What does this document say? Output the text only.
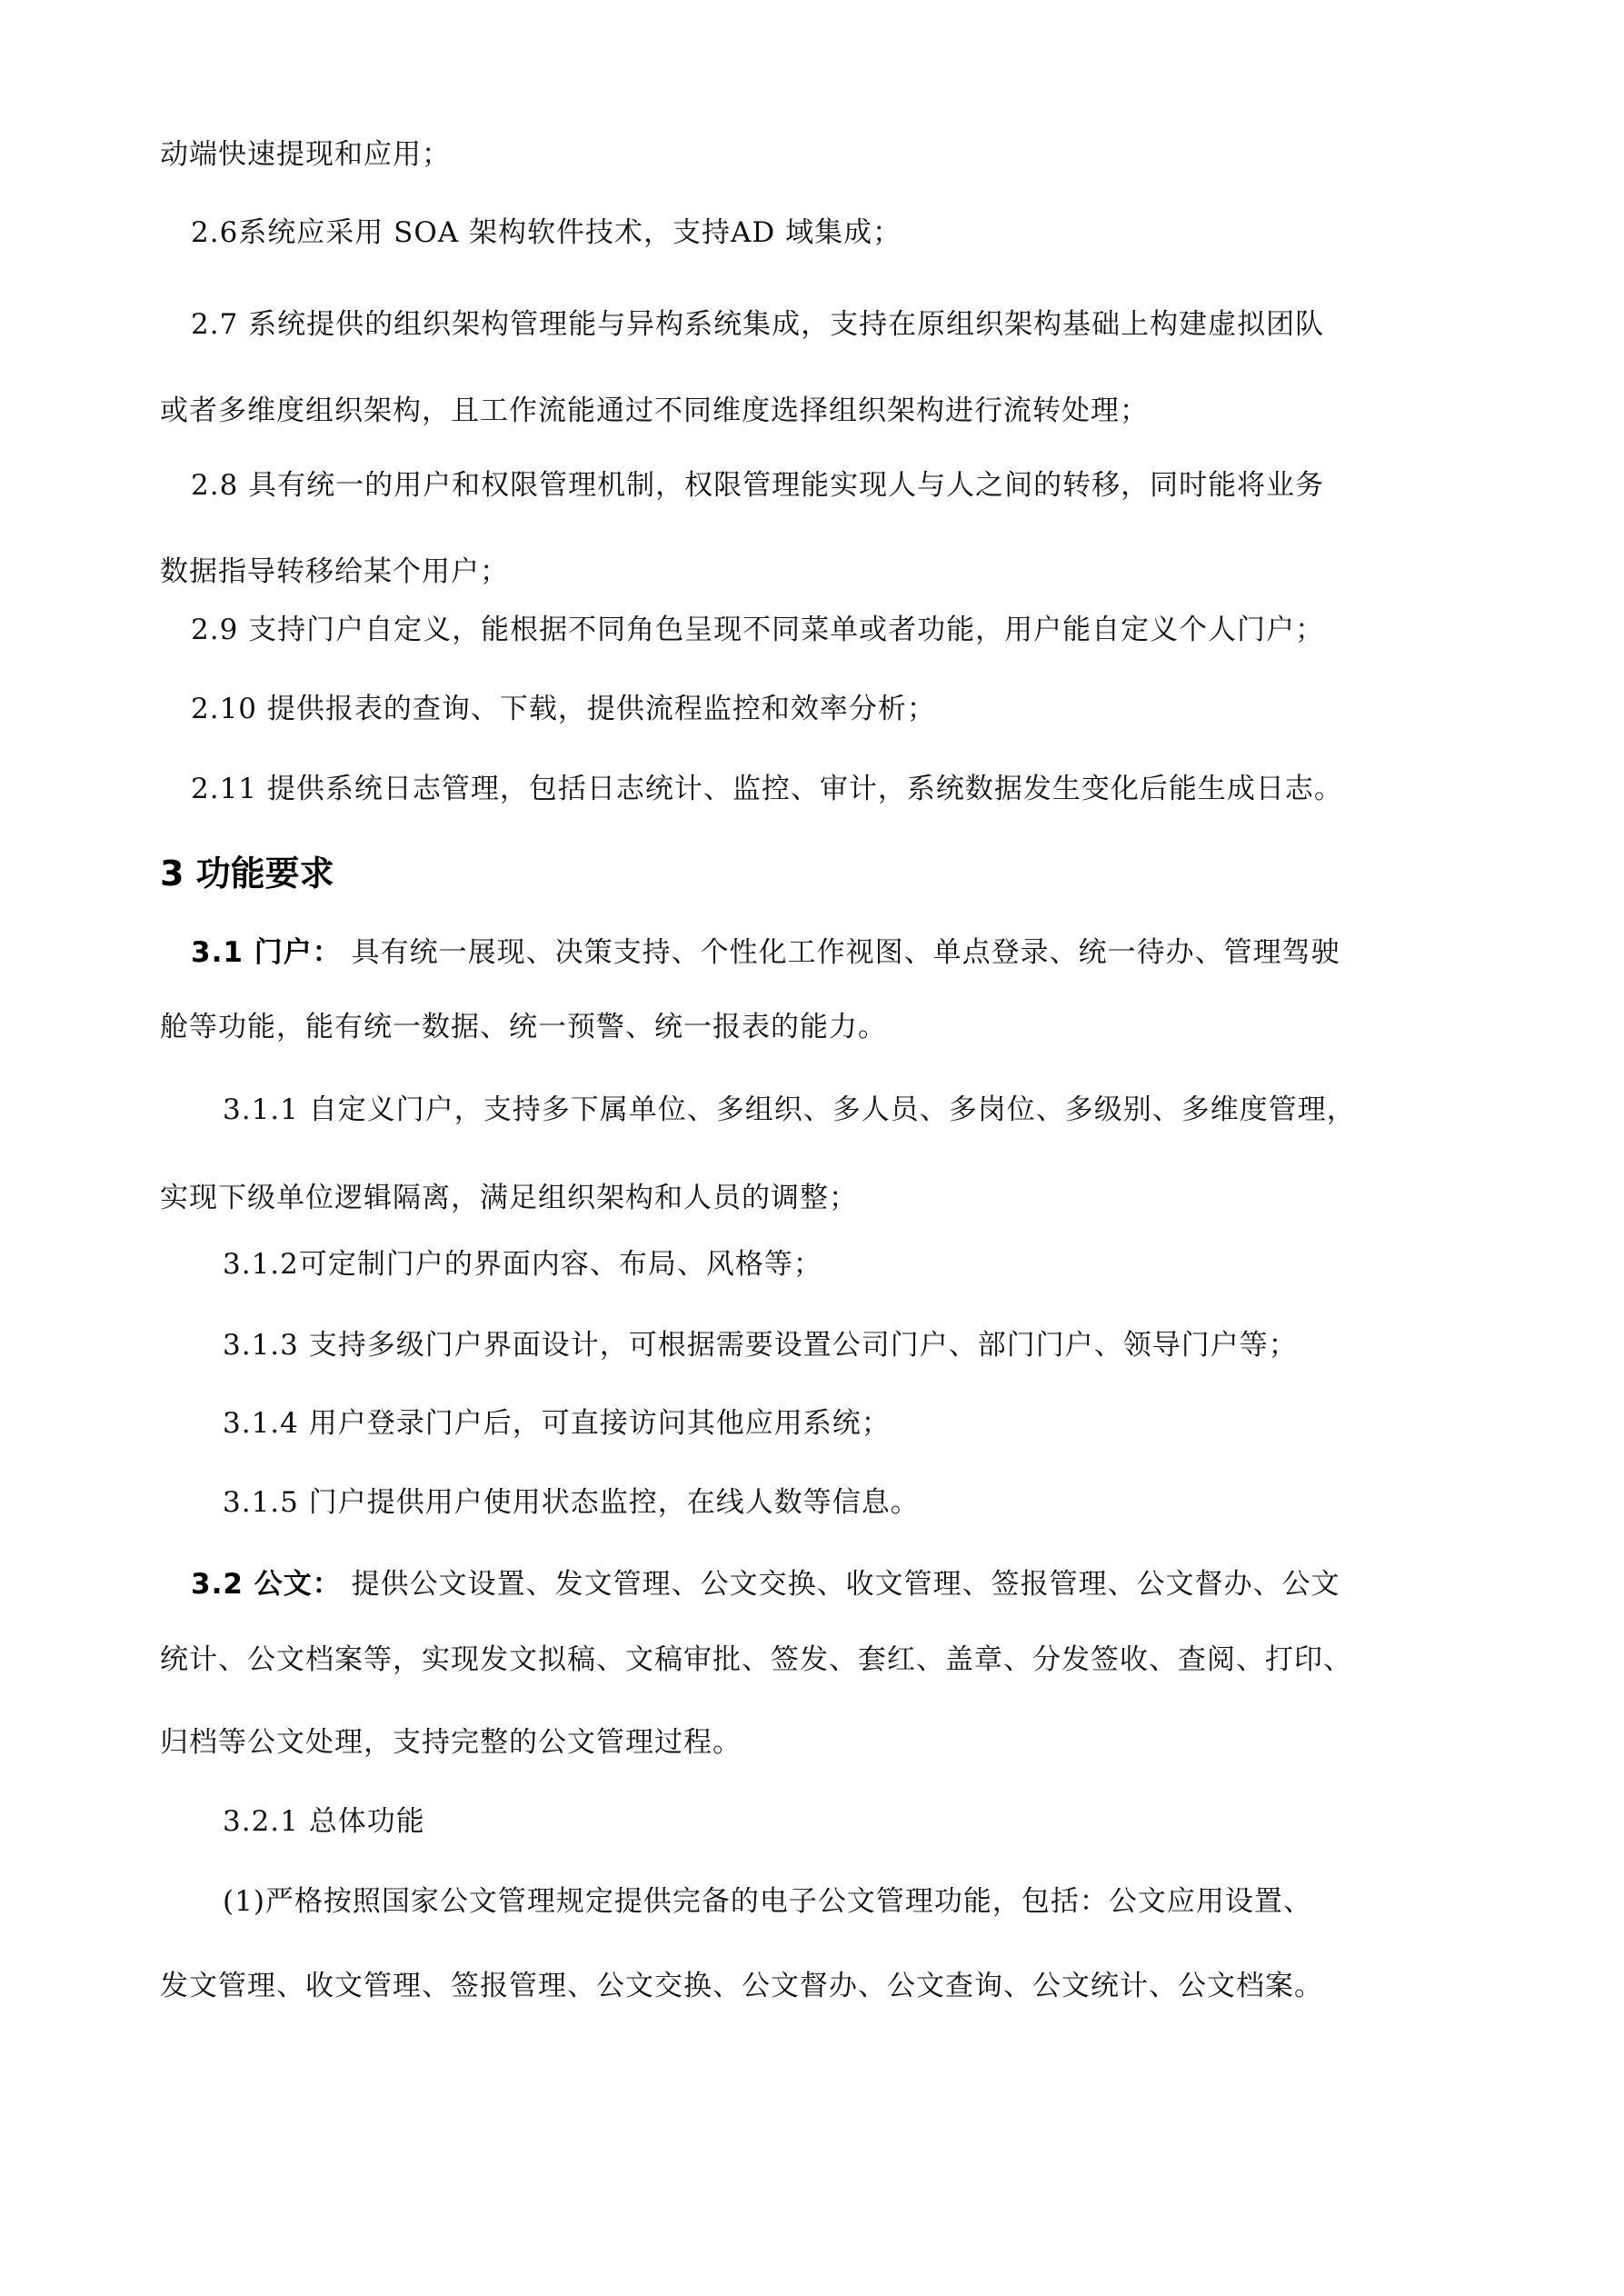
动端快速提现和应用；
2.6系统应采用 SOA 架构软件技术，支持AD 域集成；
2.7 系统提供的组织架构管理能与异构系统集成，支持在原组织架构基础上构建虚拟团队
或者多维度组织架构，且工作流能通过不同维度选择组织架构进行流转处理；
2.8 具有统一的用户和权限管理机制，权限管理能实现人与人之间的转移，同时能将业务
数据指导转移给某个用户；
2.9 支持门户自定义，能根据不同角色呈现不同菜单或者功能，用户能自定义个人门户；
2.10 提供报表的查询、下载，提供流程监控和效率分析；
2.11 提供系统日志管理，包括日志统计、监控、审计，系统数据发生变化后能生成日志。
3 功能要求
3.1 门户： 具有统一展现、决策支持、个性化工作视图、单点登录、统一待办、管理驾驶
舱等功能，能有统一数据、统一预警、统一报表的能力。
3.1.1 自定义门户，支持多下属单位、多组织、多人员、多岗位、多级别、多维度管理，
实现下级单位逻辑隔离，满足组织架构和人员的调整；
3.1.2可定制门户的界面内容、布局、风格等；
3.1.3 支持多级门户界面设计，可根据需要设置公司门户、部门门户、领导门户等；
3.1.4 用户登录门户后，可直接访问其他应用系统；
3.1.5 门户提供用户使用状态监控，在线人数等信息。
3.2 公文： 提供公文设置、发文管理、公文交换、收文管理、签报管理、公文督办、公文
统计、公文档案等，实现发文拟稿、文稿审批、签发、套红、盖章、分发签收、查阅、打印、
归档等公文处理，支持完整的公文管理过程。
3.2.1 总体功能
(1)严格按照国家公文管理规定提供完备的电子公文管理功能，包括：公文应用设置、
发文管理、收文管理、签报管理、公文交换、公文督办、公文查询、公文统计、公文档案。
